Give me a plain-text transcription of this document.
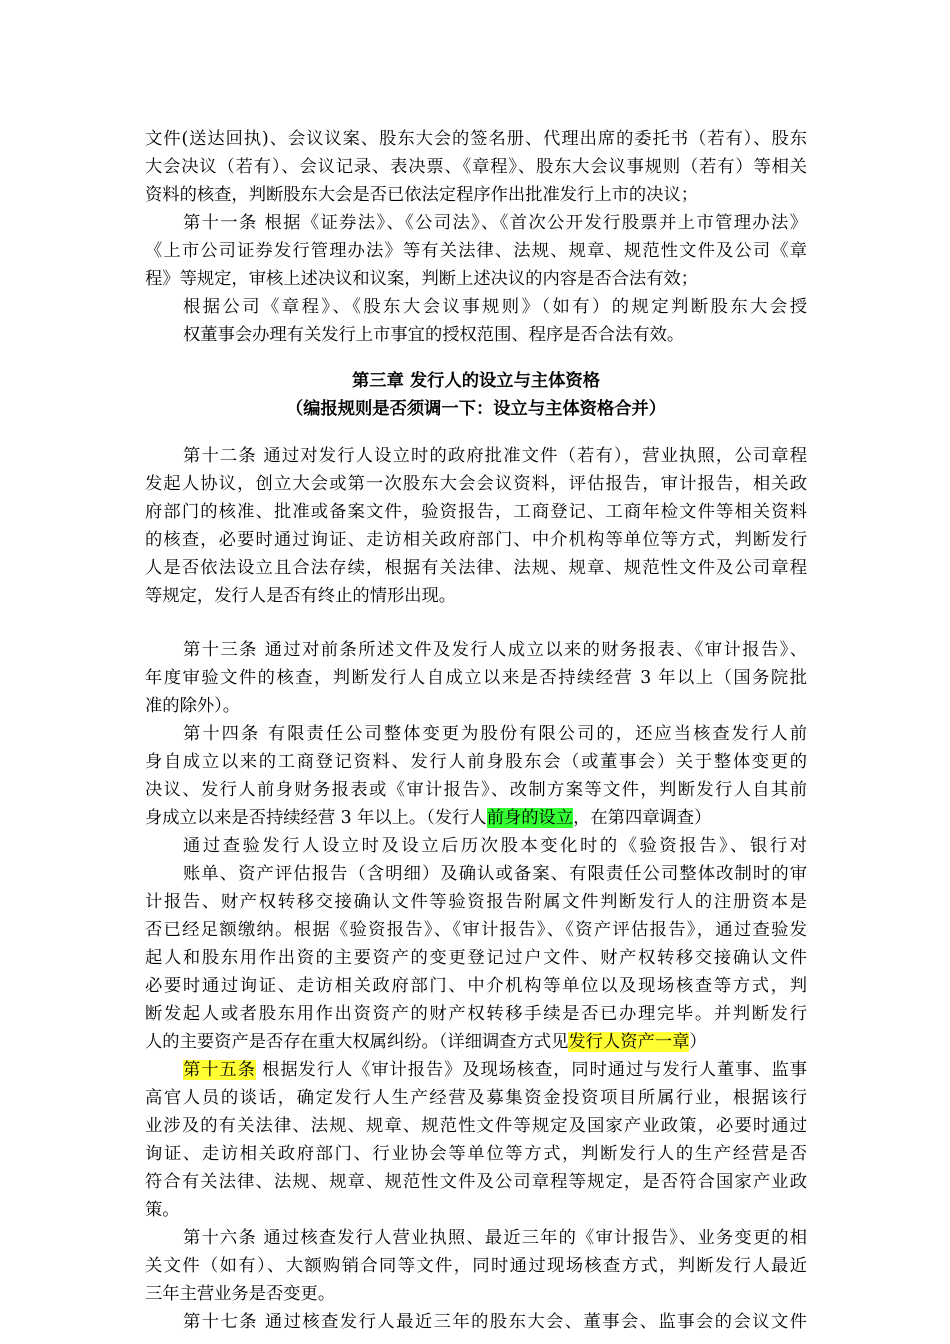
文件(送达回执)、会议议案、股东大会的签名册、代理出席的委托书（若有）、股东
大会决议（若有）、会议记录、表决票、《章程》、股东大会议事规则（若有）等相关
资料的核查，判断股东大会是否已依法定程序作出批准发行上市的决议；
第十一条 根据《证券法》、《公司法》、《首次公开发行股票并上市管理办法》
《上市公司证券发行管理办法》等有关法律、法规、规章、规范性文件及公司《章
程》等规定，审核上述决议和议案，判断上述决议的内容是否合法有效；
根据公司《章程》、《股东大会议事规则》（如有）的规定判断股东大会授
权董事会办理有关发行上市事宜的授权范围、程序是否合法有效。
第三章 发行人的设立与主体资格
（编报规则是否须调一下：设立与主体资格合并）
第十二条 通过对发行人设立时的政府批准文件（若有），营业执照，公司章程
发起人协议，创立大会或第一次股东大会会议资料，评估报告，审计报告，相关政
府部门的核准、批准或备案文件，验资报告，工商登记、工商年检文件等相关资料
的核查，必要时通过询证、走访相关政府部门、中介机构等单位等方式，判断发行
人是否依法设立且合法存续，根据有关法律、法规、规章、规范性文件及公司章程
等规定，发行人是否有终止的情形出现。
第十三条 通过对前条所述文件及发行人成立以来的财务报表、《审计报告》、
年度审验文件的核查，判断发行人自成立以来是否持续经营 3 年以上（国务院批
准的除外）。
第十四条 有限责任公司整体变更为股份有限公司的，还应当核查发行人前
身自成立以来的工商登记资料、发行人前身股东会（或董事会）关于整体变更的
决议、发行人前身财务报表或《审计报告》、改制方案等文件，判断发行人自其前
身成立以来是否持续经营 3 年以上。（发行人前身的设立，在第四章调查）
通过查验发行人设立时及设立后历次股本变化时的《验资报告》、银行对
账单、资产评估报告（含明细）及确认或备案、有限责任公司整体改制时的审
计报告、财产权转移交接确认文件等验资报告附属文件判断发行人的注册资本是
否已经足额缴纳。根据《验资报告》、《审计报告》、《资产评估报告》，通过查验发
起人和股东用作出资的主要资产的变更登记过户文件、财产权转移交接确认文件
必要时通过询证、走访相关政府部门、中介机构等单位以及现场核查等方式，判
断发起人或者股东用作出资资产的财产权转移手续是否已办理完毕。并判断发行
人的主要资产是否存在重大权属纠纷。（详细调查方式见发行人资产一章）
第十五条 根据发行人《审计报告》及现场核查，同时通过与发行人董事、监事
高官人员的谈话，确定发行人生产经营及募集资金投资项目所属行业，根据该行
业涉及的有关法律、法规、规章、规范性文件等规定及国家产业政策，必要时通过
询证、走访相关政府部门、行业协会等单位等方式，判断发行人的生产经营是否
符合有关法律、法规、规章、规范性文件及公司章程等规定，是否符合国家产业政
策。
第十六条 通过核查发行人营业执照、最近三年的《审计报告》、业务变更的相
关文件（如有）、大额购销合同等文件，同时通过现场核查方式，判断发行人最近
三年主营业务是否变更。
第十七条 通过核查发行人最近三年的股东大会、董事会、监事会的会议文件
